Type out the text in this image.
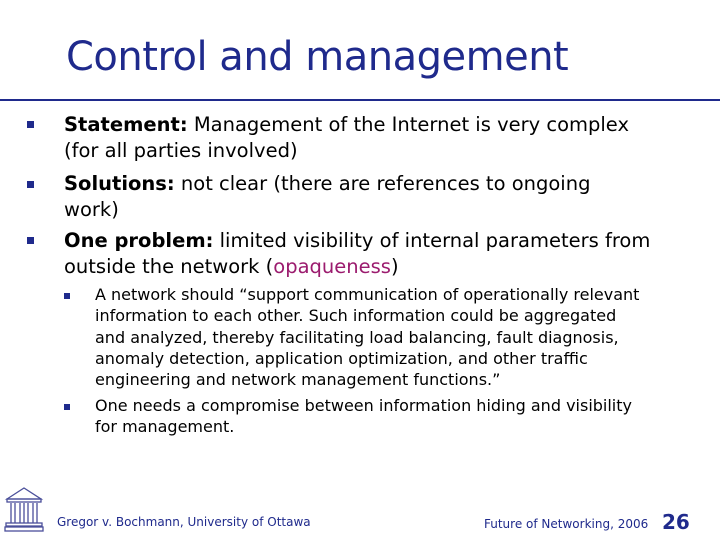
Control and management
Statement: Management of the Internet is very complex
(for all parties involved)
Solutions: not clear (there are references to ongoing
work)
One problem: limited visibility of internal parameters from
outside the network (opaqueness)
A network should “support communication of operationally relevant
information to each other. Such information could be aggregated
and analyzed, thereby facilitating load balancing, fault diagnosis,
anomaly detection, application optimization, and other traffic
engineering and network management functions.”
One needs a compromise between information hiding and visibility
for management.
Gregor v. Bochmann, University of Ottawa	Future of Networking, 2006 26
